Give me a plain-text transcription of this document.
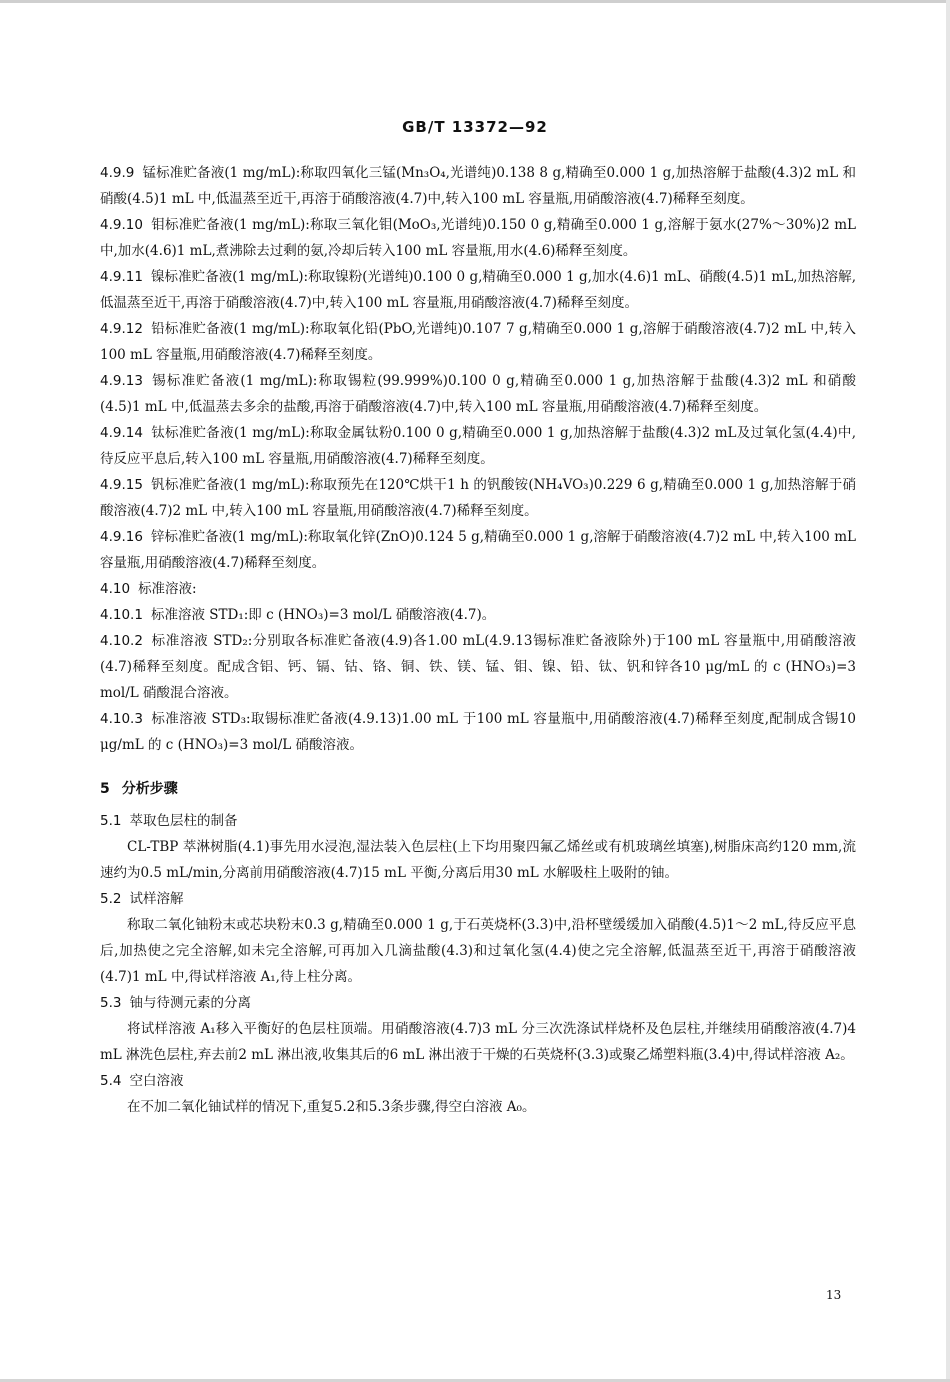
GB/T 13372—92

4.9.9 锰标准贮备液(1 mg/mL):称取四氧化三锰(Mn₃O₄,光谱纯)0.138 8 g,精确至0.000 1 g,加热溶解于盐酸(4.3)2 mL 和硝酸(4.5)1 mL 中,低温蒸至近干,再溶于硝酸溶液(4.7)中,转入100 mL 容量瓶,用硝酸溶液(4.7)稀释至刻度。

4.9.10 钼标准贮备液(1 mg/mL):称取三氧化钼(MoO₃,光谱纯)0.150 0 g,精确至0.000 1 g,溶解于氨水(27%～30%)2 mL 中,加水(4.6)1 mL,煮沸除去过剩的氨,冷却后转入100 mL 容量瓶,用水(4.6)稀释至刻度。

4.9.11 镍标准贮备液(1 mg/mL):称取镍粉(光谱纯)0.100 0 g,精确至0.000 1 g,加水(4.6)1 mL、硝酸(4.5)1 mL,加热溶解,低温蒸至近干,再溶于硝酸溶液(4.7)中,转入100 mL 容量瓶,用硝酸溶液(4.7)稀释至刻度。

4.9.12 铅标准贮备液(1 mg/mL):称取氧化铅(PbO,光谱纯)0.107 7 g,精确至0.000 1 g,溶解于硝酸溶液(4.7)2 mL 中,转入100 mL 容量瓶,用硝酸溶液(4.7)稀释至刻度。

4.9.13 锡标准贮备液(1 mg/mL):称取锡粒(99.999%)0.100 0 g,精确至0.000 1 g,加热溶解于盐酸(4.3)2 mL 和硝酸(4.5)1 mL 中,低温蒸去多余的盐酸,再溶于硝酸溶液(4.7)中,转入100 mL 容量瓶,用硝酸溶液(4.7)稀释至刻度。

4.9.14 钛标准贮备液(1 mg/mL):称取金属钛粉0.100 0 g,精确至0.000 1 g,加热溶解于盐酸(4.3)2 mL及过氧化氢(4.4)中,待反应平息后,转入100 mL 容量瓶,用硝酸溶液(4.7)稀释至刻度。

4.9.15 钒标准贮备液(1 mg/mL):称取预先在120℃烘干1 h 的钒酸铵(NH₄VO₃)0.229 6 g,精确至0.000 1 g,加热溶解于硝酸溶液(4.7)2 mL 中,转入100 mL 容量瓶,用硝酸溶液(4.7)稀释至刻度。

4.9.16 锌标准贮备液(1 mg/mL):称取氧化锌(ZnO)0.124 5 g,精确至0.000 1 g,溶解于硝酸溶液(4.7)2 mL 中,转入100 mL 容量瓶,用硝酸溶液(4.7)稀释至刻度。

4.10 标准溶液:

4.10.1 标准溶液 STD₁:即 c (HNO₃)=3 mol/L 硝酸溶液(4.7)。

4.10.2 标准溶液 STD₂:分别取各标准贮备液(4.9)各1.00 mL(4.9.13锡标准贮备液除外)于100 mL 容量瓶中,用硝酸溶液(4.7)稀释至刻度。配成含铝、钙、镉、钴、铬、铜、铁、镁、锰、钼、镍、铅、钛、钒和锌各10 μg/mL 的 c (HNO₃)=3 mol/L 硝酸混合溶液。

4.10.3 标准溶液 STD₃:取锡标准贮备液(4.9.13)1.00 mL 于100 mL 容量瓶中,用硝酸溶液(4.7)稀释至刻度,配制成含锡10 μg/mL 的 c (HNO₃)=3 mol/L 硝酸溶液。

5 分析步骤

5.1 萃取色层柱的制备

CL-TBP 萃淋树脂(4.1)事先用水浸泡,湿法装入色层柱(上下均用聚四氟乙烯丝或有机玻璃丝填塞),树脂床高约120 mm,流速约为0.5 mL/min,分离前用硝酸溶液(4.7)15 mL 平衡,分离后用30 mL 水解吸柱上吸附的铀。

5.2 试样溶解

称取二氧化铀粉末或芯块粉末0.3 g,精确至0.000 1 g,于石英烧杯(3.3)中,沿杯壁缓缓加入硝酸(4.5)1～2 mL,待反应平息后,加热使之完全溶解,如未完全溶解,可再加入几滴盐酸(4.3)和过氧化氢(4.4)使之完全溶解,低温蒸至近干,再溶于硝酸溶液(4.7)1 mL 中,得试样溶液 A₁,待上柱分离。

5.3 铀与待测元素的分离

将试样溶液 A₁移入平衡好的色层柱顶端。用硝酸溶液(4.7)3 mL 分三次洗涤试样烧杯及色层柱,并继续用硝酸溶液(4.7)4 mL 淋洗色层柱,弃去前2 mL 淋出液,收集其后的6 mL 淋出液于干燥的石英烧杯(3.3)或聚乙烯塑料瓶(3.4)中,得试样溶液 A₂。

5.4 空白溶液

在不加二氧化铀试样的情况下,重复5.2和5.3条步骤,得空白溶液 A₀。

13
